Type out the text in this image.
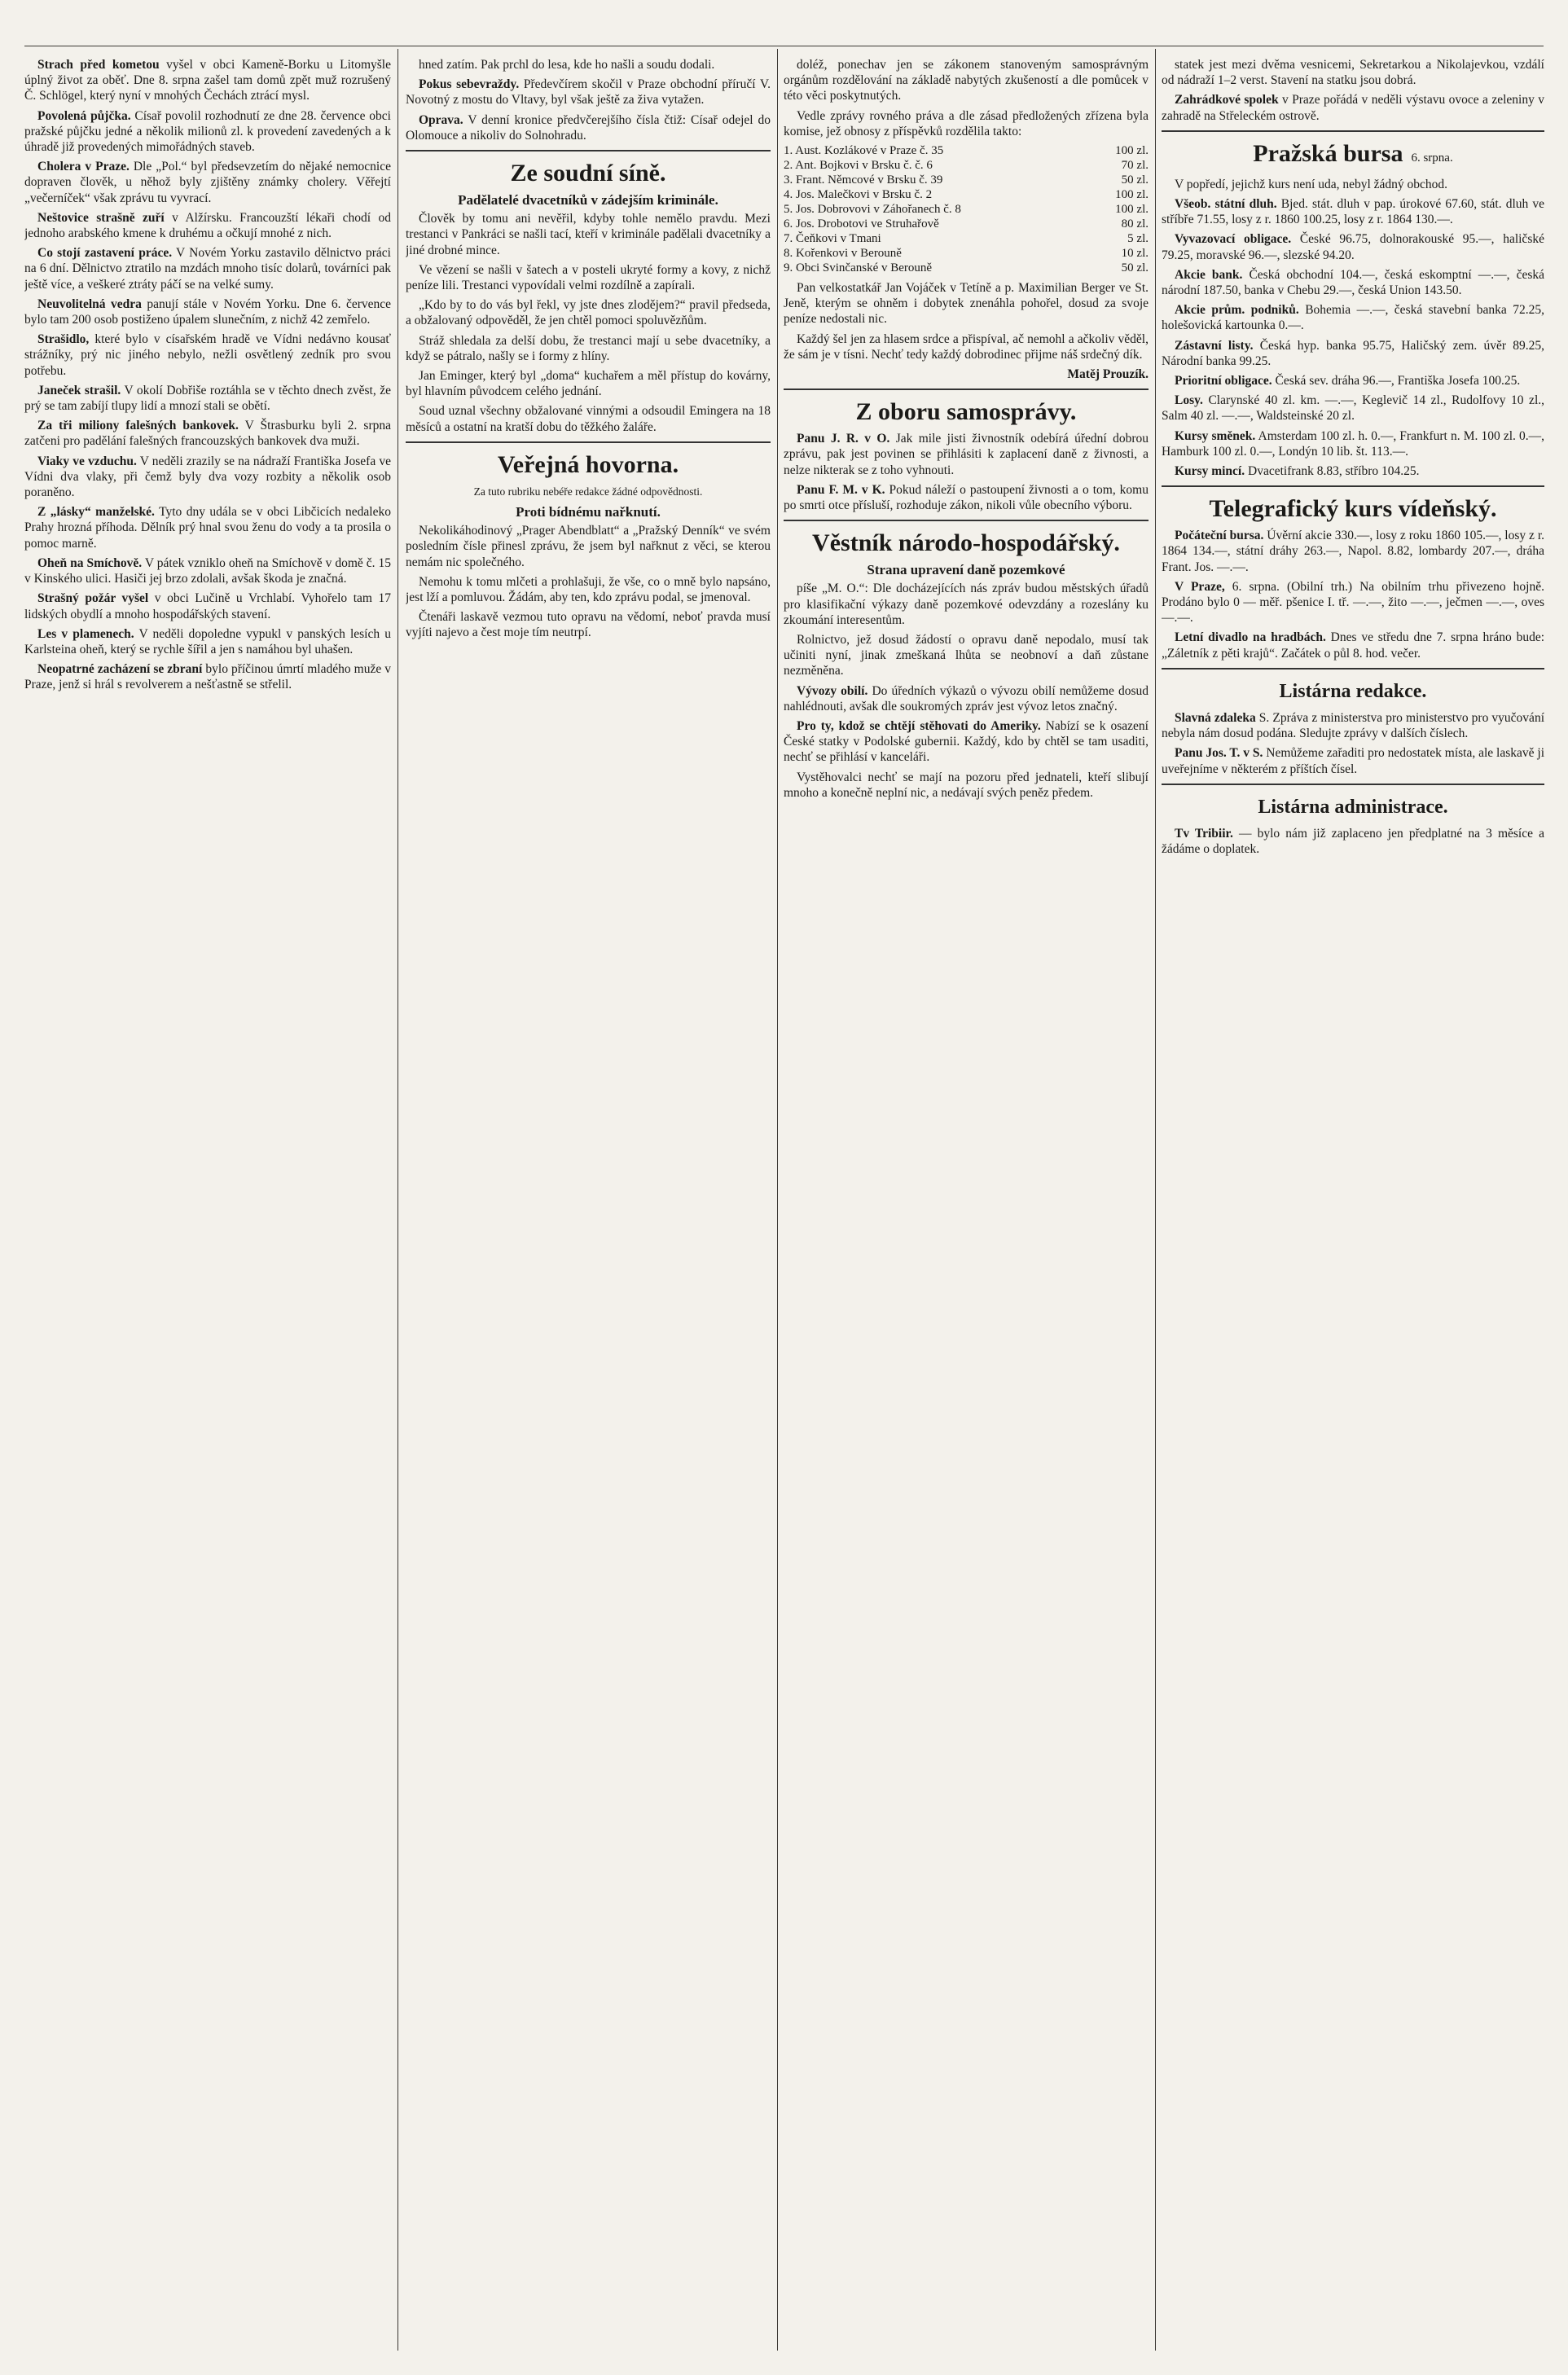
Strach před kometou vyšel v obci Kameně-Borku u Litomyšle úplný život za oběť. Dne 8. srpna zašel tam domů zpět muž rozrušený Č. Schlögel, který nyní v mnohých Čechách ztrácí mysl.

Povolená půjčka. Císař povolil rozhodnutí ze dne 28. července obci pražské půjčku jedné a několik milionů zl. k provedení zavedených a k úhradě již provedených mimořádných staveb.

Cholera v Praze. Dle „Pol.“ byl předsevzetím do nějaké nemocnice dopraven člověk, u něhož byly zjištěny známky cholery. Věřejtí „večerníček“ však zprávu tu vyvrací.

Neštovice strašně zuří v Alžírsku. Francouzští lékaři chodí od jednoho arabského kmene k druhému a očkují mnohé z nich.

Co stojí zastavení práce. V Novém Yorku zastavilo dělnictvo práci na 6 dní. Dělnictvo ztratilo na mzdách mnoho tisíc dolarů, továrníci pak ještě více, a veškeré ztráty páčí se na velké sumy.

Neuvolitelná vedra panují stále v Novém Yorku. Dne 6. července bylo tam 200 osob postiženo úpalem slunečním, z nichž 42 zemřelo.

Strašidlo, které bylo v císařském hradě ve Vídni nedávno kousať strážníky, prý nic jiného nebylo, nežli osvětlený zedník pro svou potřebu.

Janeček strašil. V okolí Dobřiše roztáhla se v těchto dnech zvěst, že prý se tam zabíjí tlupy lidí a mnozí stali se obětí.

Za tři miliony falešných bankovek. V Štrasburku byli 2. srpna zatčeni pro padělání falešných francouzských bankovek dva muži.

Viaky ve vzduchu. V neděli zrazily se na nádraží Františka Josefa ve Vídni dva vlaky, při čemž byly dva vozy rozbity a několik osob poraněno.

Z „lásky“ manželské. Tyto dny udála se v obci Libčicích nedaleko Prahy hrozná příhoda. Dělník prý hnal svou ženu do vody a ta prosila o pomoc marně.

Oheň na Smíchově. V pátek vzniklo oheň na Smíchově v domě č. 15 v Kinského ulici. Hasiči jej brzo zdolali, avšak škoda je značná.

Strašný požár vyšel v obci Lučině u Vrchlabí. Vyhořelo tam 17 lidských obydlí a mnoho hospodářských stavení.

Les v plamenech. V neděli dopoledne vypukl v panských lesích u Karlsteina oheň, který se rychle šířil a jen s namáhou byl uhašen.

Neopatrné zacházení se zbraní bylo příčinou úmrtí mladého muže v Praze, jenž si hrál s revolverem a nešťastně se střelil.

hned zatím. Pak prchl do lesa, kde ho našli a soudu dodali.

Pokus sebevraždy. Předevčírem skočil v Praze obchodní příručí V. Novotný z mostu do Vltavy, byl však ještě za živa vytažen.

Oprava. V denní kronice předvčerejšího čísla čtiž: Císař odejel do Olomouce a nikoliv do Solnohradu.

Ze soudní síně.
Padělatelé dvacetníků v zádejším kriminále.

Člověk by tomu ani nevěřil, kdyby tohle nemělo pravdu. Mezi trestanci v Pankráci se našli tací, kteří v kriminále padělali dvacetníky a jiné drobné mince.

Ve vězení se našli v šatech a v posteli ukryté formy a kovy, z nichž peníze lili. Trestanci vypovídali velmi rozdílně a zapírali.

„Kdo by to do vás byl řekl, vy jste dnes zlodějem?“ pravil předseda, a obžalovaný odpověděl, že jen chtěl pomoci spoluvězňům.

Stráž shledala za delší dobu, že trestanci mají u sebe dvacetníky, a když se pátralo, našly se i formy z hlíny.

Jan Eminger, který byl „doma“ kuchařem a měl přístup do kovárny, byl hlavním původcem celého jednání.

Soud uznal všechny obžalované vinnými a odsoudil Emingera na 18 měsíců a ostatní na kratší dobu do těžkého žaláře.

Veřejná hovorna.
Za tuto rubriku nebéře redakce žádné odpovědnosti.
Proti bídnému nařknutí.

Nekolikáhodinový „Prager Abendblatt“ a „Pražský Denník“ ve svém posledním čísle přinesl zprávu, že jsem byl nařknut z věci, se kterou nemám nic společného.

Nemohu k tomu mlčeti a prohlašuji, že vše, co o mně bylo napsáno, jest lží a pomluvou. Žádám, aby ten, kdo zprávu podal, se jmenoval.

Čtenáři laskavě vezmou tuto opravu na vědomí, neboť pravda musí vyjíti najevo a čest moje tím neutrpí.

doléž, ponechav jen se zákonem stanoveným samosprávným orgánům rozdělování na základě nabytých zkušeností a dle pomůcek v této věci poskytnutých.

Vedle zprávy rovného práva a dle zásad předložených zřízena byla komise, jež obnosy z příspěvků rozdělila takto:

1. Aust. Kozlákové v Praze č. 35	100 zl.
2. Ant. Bojkovi v Brsku č. č. 6	70 zl.
3. Frant. Němcové v Brsku č. 39	50 zl.
4. Jos. Malečkovi v Brsku č. 2	100 zl.
5. Jos. Dobrovovi v Záhořanech č. 8	100 zl.
6. Jos. Drobotovi ve Struhařově	80 zl.
7. Čeňkovi v Tmani	5 zl.
8. Kořenkovi v Berouně	10 zl.
9. Obci Svinčanské v Berouně	50 zl.

Pan velkostatkář Jan Vojáček v Tetíně a p. Maximilian Berger ve St. Jeně, kterým se ohněm i dobytek znenáhla pohořel, dosud za svoje peníze nedostali nic.

Každý šel jen za hlasem srdce a přispíval, ač nemohl a ačkoliv věděl, že sám je v tísni. Nechť tedy každý dobrodinec přijme náš srdečný dík.

Matěj Prouzík.
Z oboru samosprávy.

Panu J. R. v O. Jak mile jisti živnostník odebírá úřední dobrou zprávu, pak jest povinen se přihlásiti k zaplacení daně z živnosti, a nelze nikterak se z toho vyhnouti.

Panu F. M. v K. Pokud náleží o pastoupení živnosti a o tom, komu po smrti otce přísluší, rozhoduje zákon, nikoli vůle obecního výboru.

Věstník národo-hospodářský.
Strana upravení daně pozemkové

píše „M. O.“: Dle docházejících nás zpráv budou městských úřadů pro klasifikační výkazy daně pozemkové odevzdány a rozeslány ku zkoumání interesentům.

Rolnictvo, jež dosud žádostí o opravu daně nepodalo, musí tak učiniti nyní, jinak zmeškaná lhůta se neobnoví a daň zůstane nezměněna.

Vývozy obilí. Do úředních výkazů o vývozu obilí nemůžeme dosud nahlédnouti, avšak dle soukromých zpráv jest vývoz letos značný.

Pro ty, kdož se chtějí stěhovati do Ameriky. Nabízí se k osazení České statky v Podolské gubernii. Každý, kdo by chtěl se tam usaditi, nechť se přihlásí v kanceláři.

Vystěhovalci nechť se mají na pozoru před jednateli, kteří slibují mnoho a konečně neplní nic, a nedávají svých peněz předem.

statek jest mezi dvěma vesnicemi, Sekretarkou a Nikolajevkou, vzdálí od nádraží 1–2 verst. Stavení na statku jsou dobrá.

Zahrádkové spolek v Praze pořádá v neděli výstavu ovoce a zeleniny v zahradě na Střeleckém ostrově.

Pražská bursa 6. srpna.

V popředí, jejichž kurs není uda, nebyl žádný obchod.

Všeob. státní dluh. Bjed. stát. dluh v pap. úrokové 67.60, stát. dluh ve stříbře 71.55, losy z r. 1860 100.25, losy z r. 1864 130.—.

Vyvazovací obligace. České 96.75, dolnorakouské 95.—, haličské 79.25, moravské 96.—, slezské 94.20.

Akcie bank. Česká obchodní 104.—, česká eskomptní —.—, česká národní 187.50, banka v Chebu 29.—, česká Union 143.50.

Akcie prům. podniků. Bohemia —.—, česká stavební banka 72.25, holešovická kartounka 0.—.

Zástavní listy. Česká hyp. banka 95.75, Haličský zem. úvěr 89.25, Národní banka 99.25.

Prioritní obligace. Česká sev. dráha 96.—, Františka Josefa 100.25.

Losy. Clarynské 40 zl. km. —.—, Keglevič 14 zl., Rudolfovy 10 zl., Salm 40 zl. —.—, Waldsteinské 20 zl.

Kursy směnek. Amsterdam 100 zl. h. 0.—, Frankfurt n. M. 100 zl. 0.—, Hamburk 100 zl. 0.—, Londýn 10 lib. št. 113.—.

Kursy mincí. Dvacetifrank 8.83, stříbro 104.25.

Telegrafický kurs vídeňský.

Počáteční bursa. Úvěrní akcie 330.—, losy z roku 1860 105.—, losy z r. 1864 134.—, státní dráhy 263.—, Napol. 8.82, lombardy 207.—, dráha Frant. Jos. —.—.

V Praze, 6. srpna. (Obilní trh.) Na obilním trhu přivezeno hojně. Prodáno bylo 0 — měř. pšenice I. tř. —.—, žito —.—, ječmen —.—, oves —.—.

Letní divadlo na hradbách. Dnes ve středu dne 7. srpna hráno bude: „Záletník z pěti krajů“. Začátek o půl 8. hod. večer.

Listárna redakce.

Slavná zdaleka S. Zpráva z ministerstva pro ministerstvo pro vyučování nebyla nám dosud podána. Sledujte zprávy v dalších číslech.

Panu Jos. T. v S. Nemůžeme zařaditi pro nedostatek místa, ale laskavě ji uveřejníme v některém z příštích čísel.

Listárna administrace.

Tv Tribiir. — bylo nám již zaplaceno jen předplatné na 3 měsíce a žádáme o doplatek.
